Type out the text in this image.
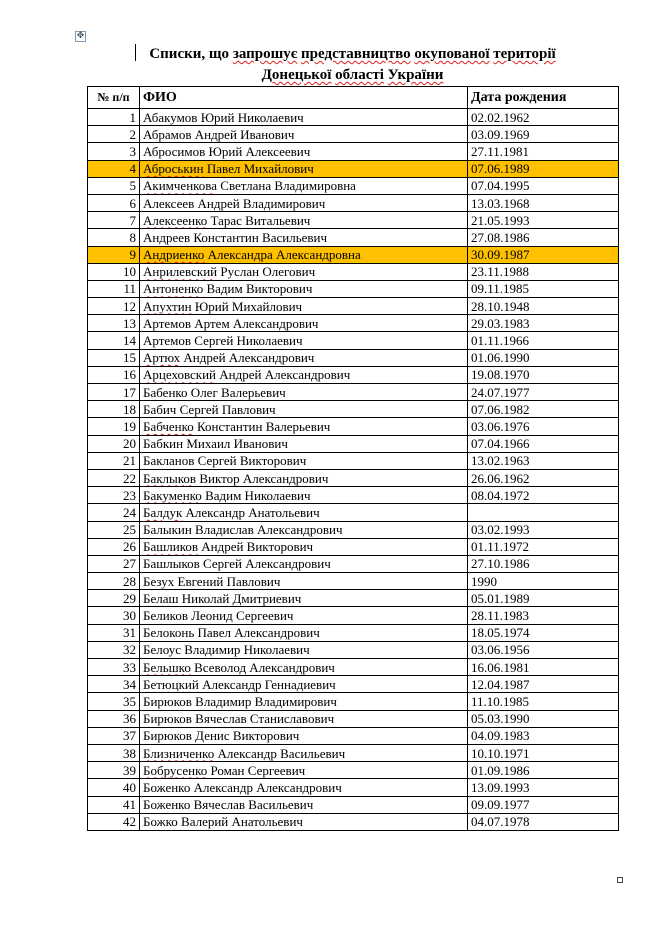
✥
Списки, що запрошує представництво окупованої території
Донецької області України
№ п/п	ФИО	Дата рождения
1	Абакумов Юрий Николаевич	02.02.1962
2	Абрамов Андрей Иванович	03.09.1969
3	Абросимов Юрий Алексеевич	27.11.1981
4	Аброськин Павел Михайлович	07.06.1989
5	Акимченкова Светлана Владимировна	07.04.1995
6	Алексеев Андрей Владимирович	13.03.1968
7	Алексеенко Тарас Витальевич	21.05.1993
8	Андреев Константин Васильевич	27.08.1986
9	Андриенко Александра Александровна	30.09.1987
10	Анрилевский Руслан Олегович	23.11.1988
11	Антоненко Вадим Викторович	09.11.1985
12	Апухтин Юрий Михайлович	28.10.1948
13	Артемов Артем Александрович	29.03.1983
14	Артемов Сергей Николаевич	01.11.1966
15	Артюх Андрей Александрович	01.06.1990
16	Арцеховский Андрей Александрович	19.08.1970
17	Бабенко Олег Валерьевич	24.07.1977
18	Бабич Сергей Павлович	07.06.1982
19	Бабченко Константин Валерьевич	03.06.1976
20	Бабкин Михаил Иванович	07.04.1966
21	Бакланов Сергей Викторович	13.02.1963
22	Баклыков Виктор Александрович	26.06.1962
23	Бакуменко Вадим Николаевич	08.04.1972
24	Балдук Александр Анатольевич	
25	Балыкин Владислав Александрович	03.02.1993
26	Башликов Андрей Викторович	01.11.1972
27	Башлыков Сергей Александрович	27.10.1986
28	Безух Евгений Павлович	1990
29	Белаш Николай Дмитриевич	05.01.1989
30	Беликов Леонид Сергеевич	28.11.1983
31	Белоконь Павел Александрович	18.05.1974
32	Белоус Владимир Николаевич	03.06.1956
33	Бельшко Всеволод Александрович	16.06.1981
34	Бетюцкий Александр Геннадиевич	12.04.1987
35	Бирюков Владимир Владимирович	11.10.1985
36	Бирюков Вячеслав Станиславович	05.03.1990
37	Бирюков Денис Викторович	04.09.1983
38	Близниченко Александр Васильевич	10.10.1971
39	Бобрусенко Роман Сергеевич	01.09.1986
40	Боженко Александр Александрович	13.09.1993
41	Боженко Вячеслав Васильевич	09.09.1977
42	Божко Валерий Анатольевич	04.07.1978
